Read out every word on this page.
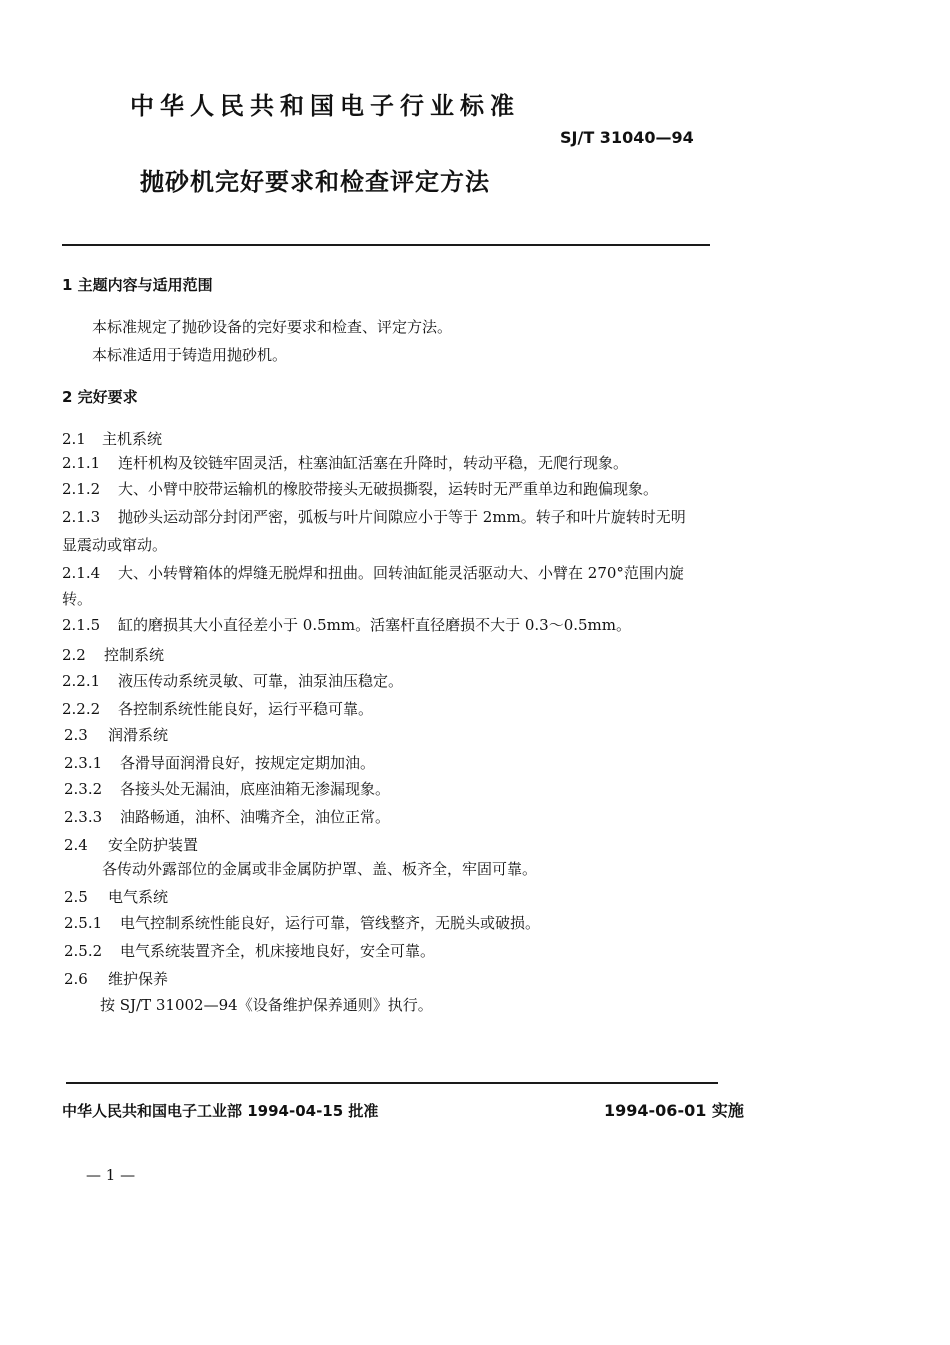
中华人民共和国电子行业标准
SJ/T 31040—94
抛砂机完好要求和检查评定方法
1 主题内容与适用范围
本标准规定了抛砂设备的完好要求和检查、评定方法。
本标准适用于铸造用抛砂机。
2 完好要求
2.1 主机系统
2.1.1 连杆机构及铰链牢固灵活，柱塞油缸活塞在升降时，转动平稳，无爬行现象。
2.1.2 大、小臂中胶带运输机的橡胶带接头无破损撕裂，运转时无严重单边和跑偏现象。
2.1.3 抛砂头运动部分封闭严密，弧板与叶片间隙应小于等于 2mm。转子和叶片旋转时无明
显震动或窜动。
2.1.4 大、小转臂箱体的焊缝无脱焊和扭曲。回转油缸能灵活驱动大、小臂在 270°范围内旋
转。
2.1.5 缸的磨损其大小直径差小于 0.5mm。活塞杆直径磨损不大于 0.3～0.5mm。
2.2 控制系统
2.2.1 液压传动系统灵敏、可靠，油泵油压稳定。
2.2.2 各控制系统性能良好，运行平稳可靠。
2.3 润滑系统
2.3.1 各滑导面润滑良好，按规定定期加油。
2.3.2 各接头处无漏油，底座油箱无渗漏现象。
2.3.3 油路畅通，油杯、油嘴齐全，油位正常。
2.4 安全防护装置
各传动外露部位的金属或非金属防护罩、盖、板齐全，牢固可靠。
2.5 电气系统
2.5.1 电气控制系统性能良好，运行可靠，管线整齐，无脱头或破损。
2.5.2 电气系统装置齐全，机床接地良好，安全可靠。
2.6 维护保养
按 SJ/T 31002—94《设备维护保养通则》执行。
中华人民共和国电子工业部 1994-04-15 批准	1994-06-01 实施
— 1 —
